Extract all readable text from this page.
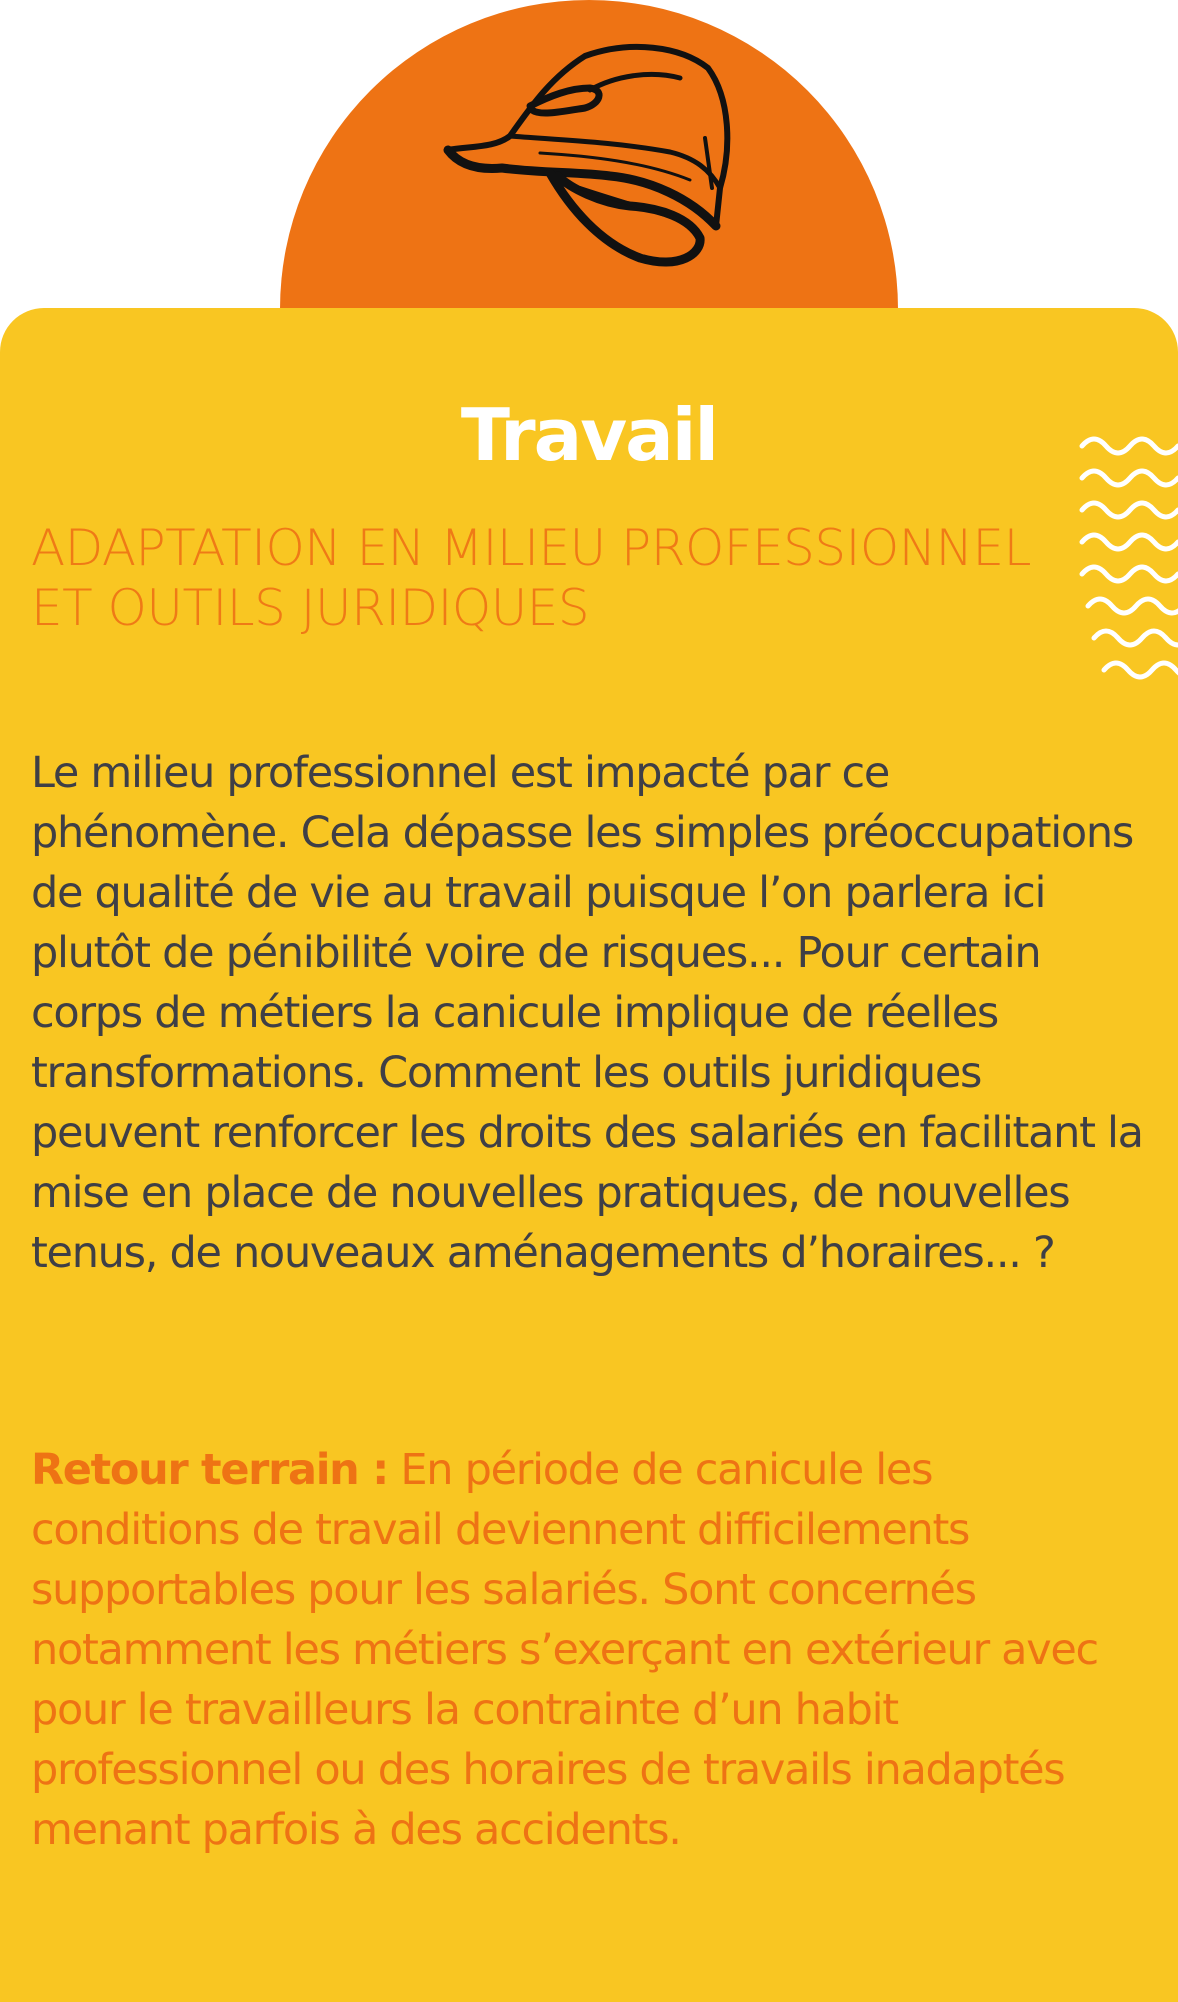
Travail
ADAPTATION EN MILIEU PROFESSIONNEL ET OUTILS JURIDIQUES
Le milieu professionnel est impacté par ce phénomène. Cela dépasse les simples préoccupations de qualité de vie au travail puisque l’on parlera ici plutôt de pénibilité voire de risques... Pour certain corps de métiers la canicule implique de réelles transformations. Comment les outils juridiques peuvent renforcer les droits des salariés en facilitant la mise en place de nouvelles pratiques, de nouvelles tenus, de nouveaux aménagements d’horaires... ?
Retour terrain : En période de canicule les conditions de travail deviennent difficilements supportables pour les salariés. Sont concernés notamment les métiers s’exerçant en extérieur avec pour le travailleurs la contrainte d’un habit professionnel ou des horaires de travails inadaptés menant parfois à des accidents.
